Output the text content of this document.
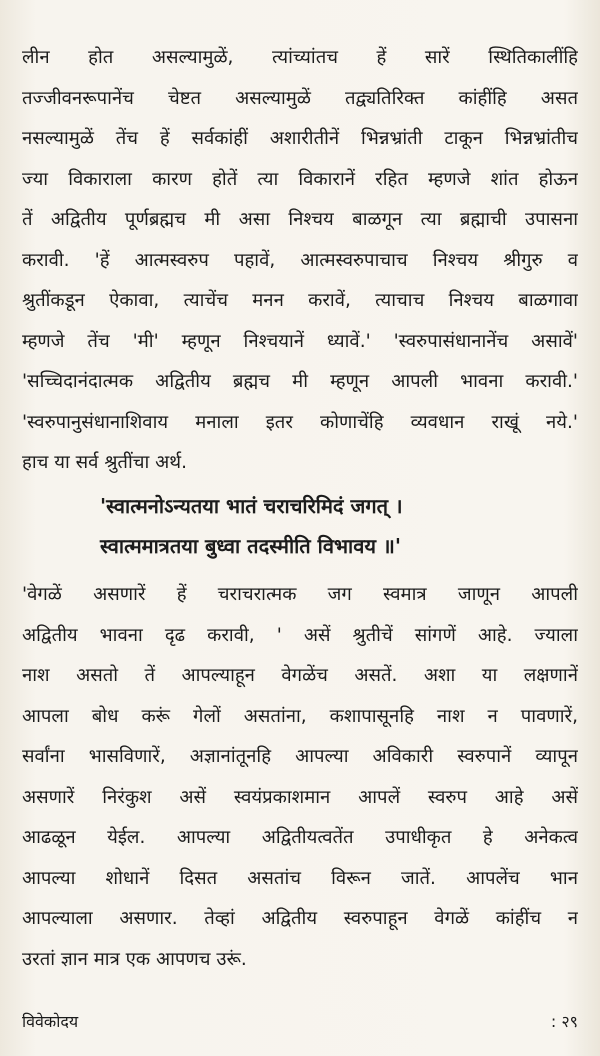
लीन होत असल्यामुळें, त्यांच्यांतच हें सारें स्थितिकालींहि
तज्जीवनरूपानेंच चेष्टत असल्यामुळें तद्व्यतिरिक्त कांहींहि असत
नसल्यामुळें तेंच हें सर्वकांहीं अशारीतीनें भिन्नभ्रांती टाकून भिन्नभ्रांतीच
ज्या विकाराला कारण होतें त्या विकारानें रहित म्हणजे शांत होऊन
तें अद्वितीय पूर्णब्रह्मच मी असा निश्चय बाळगून त्या ब्रह्माची उपासना
करावी. 'हें आत्मस्वरुप पहावें, आत्मस्वरुपाचाच निश्चय श्रीगुरु व
श्रुतींकडून ऐकावा, त्याचेंच मनन करावें, त्याचाच निश्चय बाळगावा
म्हणजे तेंच 'मी' म्हणून निश्चयानें ध्यावें.' 'स्वरुपासंधानानेंच असावें'
'सच्चिदानंदात्मक अद्वितीय ब्रह्मच मी म्हणून आपली भावना करावी.'
'स्वरुपानुसंधानाशिवाय मनाला इतर कोणाचेंहि व्यवधान राखूं नये.'
हाच या सर्व श्रुतींचा अर्थ.
'स्वात्मनोऽन्यतया भातं चराचरिमिदं जगत् ।
स्वात्ममात्रतया बुध्वा तदस्मीति विभावय ॥'
'वेगळें असणारें हें चराचरात्मक जग स्वमात्र जाणून आपली
अद्वितीय भावना दृढ करावी, ' असें श्रुतीचें सांगणें आहे. ज्याला
नाश असतो तें आपल्याहून वेगळेंच असतें. अशा या लक्षणानें
आपला बोध करूं गेलों असतांना, कशापासूनहि नाश न पावणारें,
सर्वांना भासविणारें, अज्ञानांतूनहि आपल्या अविकारी स्वरुपानें व्यापून
असणारें निरंकुश असें स्वयंप्रकाशमान आपलें स्वरुप आहे असें
आढळून येईल. आपल्या अद्वितीयत्वतेंत उपाधीकृत हे अनेकत्व
आपल्या शोधानें दिसत असतांच विरून जातें. आपलेंच भान
आपल्याला असणार. तेव्हां अद्वितीय स्वरुपाहून वेगळें कांहींच न
उरतां ज्ञान मात्र एक आपणच उरूं.
विवेकोदय	: २९
